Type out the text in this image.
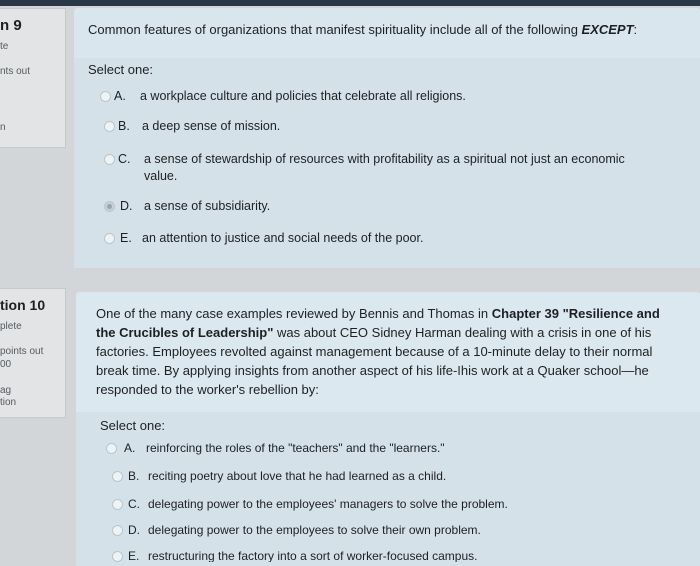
n 9
te
nts out
n
Common features of organizations that manifest spirituality include all of the following EXCEPT:
Select one:
A. a workplace culture and policies that celebrate all religions.
B. a deep sense of mission.
C. a sense of stewardship of resources with profitability as a spiritual not just an economic
value.
D. a sense of subsidiarity.
E. an attention to justice and social needs of the poor.
tion 10
plete
points out
00
ag
tion
One of the many case examples reviewed by Bennis and Thomas in Chapter 39 "Resilience and the Crucibles of Leadership" was about CEO Sidney Harman dealing with a crisis in one of his factories. Employees revolted against management because of a 10-minute delay to their normal break time. By applying insights from another aspect of his life-Ihis work at a Quaker school—he responded to the worker's rebellion by:
Select one:
A. reinforcing the roles of the "teachers" and the "learners."
B. reciting poetry about love that he had learned as a child.
C. delegating power to the employees' managers to solve the problem.
D. delegating power to the employees to solve their own problem.
E. restructuring the factory into a sort of worker-focused campus.
